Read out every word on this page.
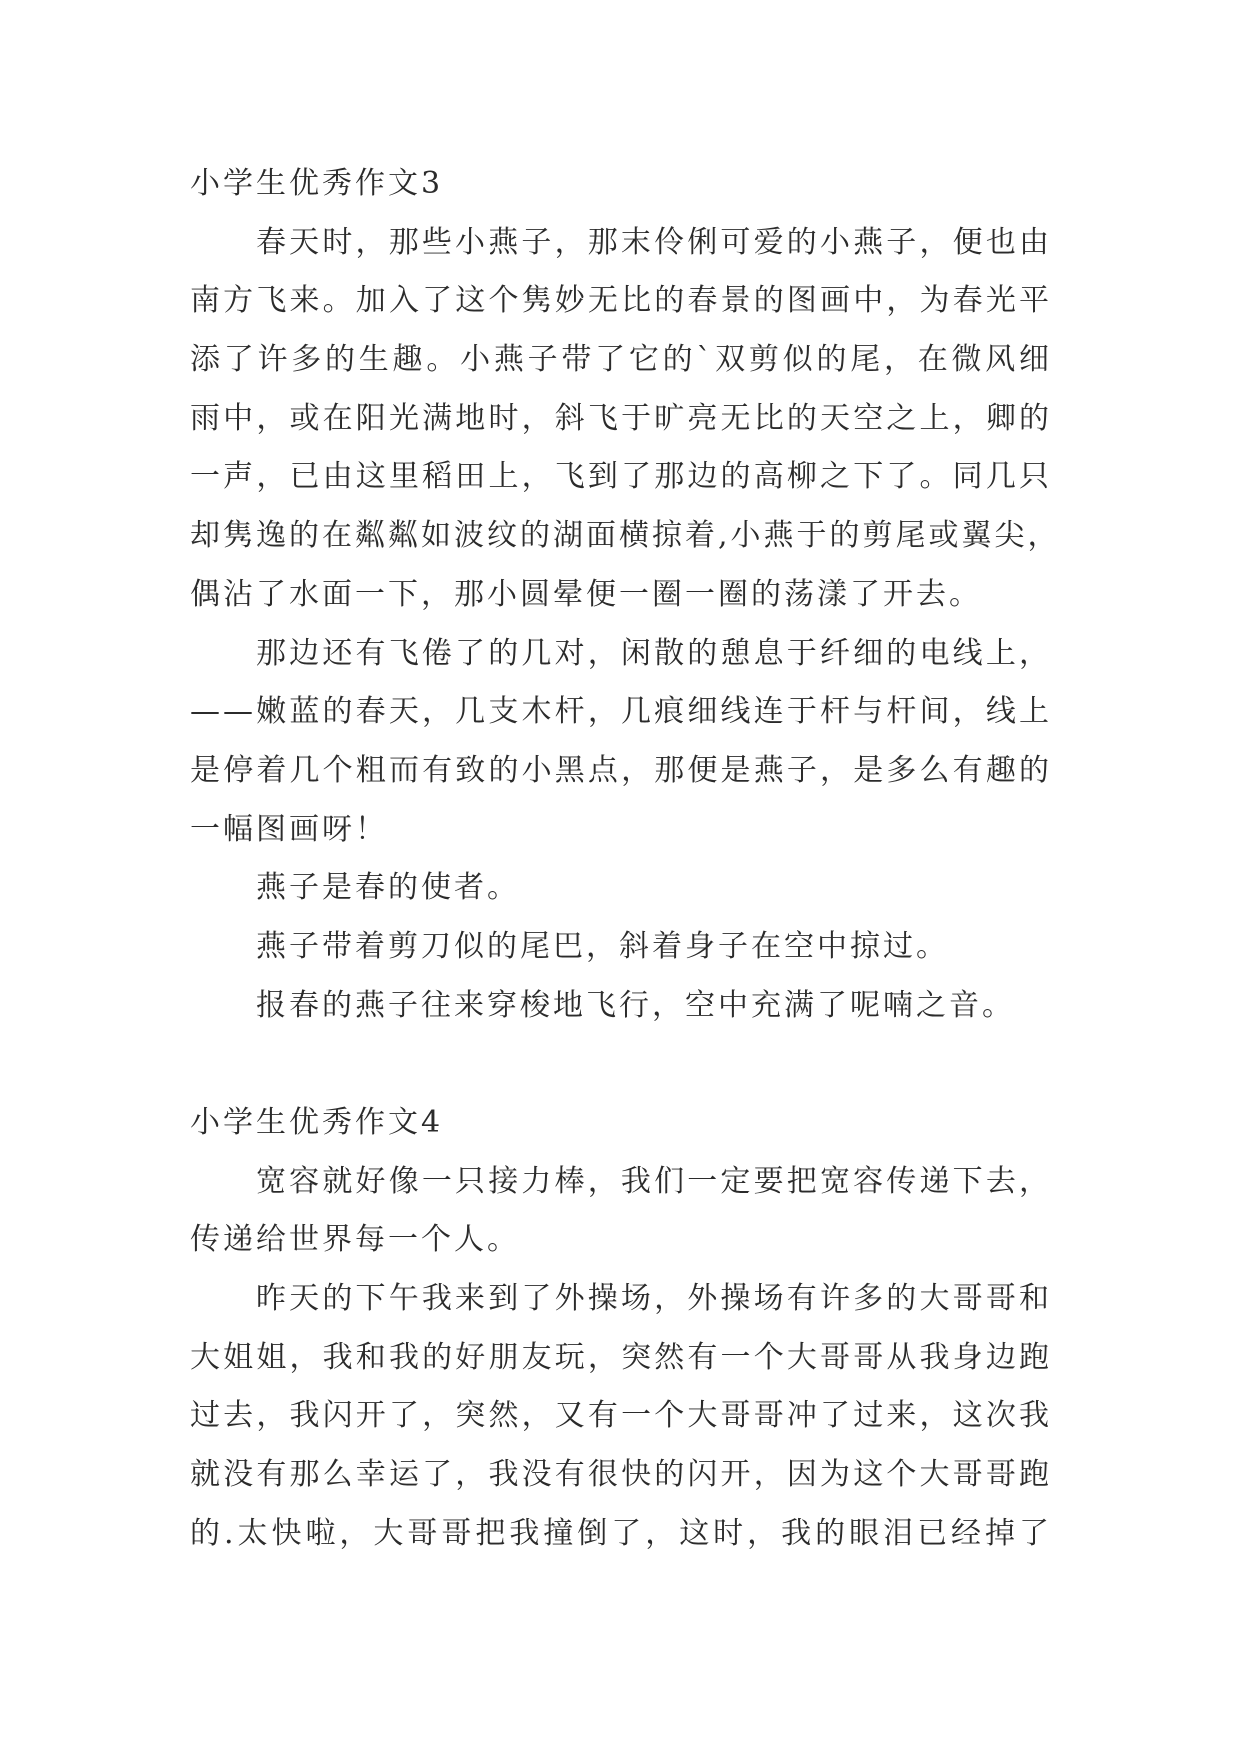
小学生优秀作文3
春天时，那些小燕子，那末伶俐可爱的小燕子，便也由
南方飞来。加入了这个隽妙无比的春景的图画中，为春光平
添了许多的生趣。小燕子带了它的`双剪似的尾，在微风细
雨中，或在阳光满地时，斜飞于旷亮无比的天空之上，卿的
一声，已由这里稻田上，飞到了那边的高柳之下了。同几只
却隽逸的在粼粼如波纹的湖面横掠着,小燕于的剪尾或翼尖，
偶沾了水面一下，那小圆晕便一圈一圈的荡漾了开去。
那边还有飞倦了的几对，闲散的憩息于纤细的电线上，
——嫩蓝的春天，几支木杆，几痕细线连于杆与杆间，线上
是停着几个粗而有致的小黑点，那便是燕子，是多么有趣的
一幅图画呀！
燕子是春的使者。
燕子带着剪刀似的尾巴，斜着身子在空中掠过。
报春的燕子往来穿梭地飞行，空中充满了呢喃之音。
小学生优秀作文4
宽容就好像一只接力棒，我们一定要把宽容传递下去，
传递给世界每一个人。
昨天的下午我来到了外操场，外操场有许多的大哥哥和
大姐姐，我和我的好朋友玩，突然有一个大哥哥从我身边跑
过去，我闪开了，突然，又有一个大哥哥冲了过来，这次我
就没有那么幸运了，我没有很快的闪开，因为这个大哥哥跑
的.太快啦，大哥哥把我撞倒了，这时，我的眼泪已经掉了
